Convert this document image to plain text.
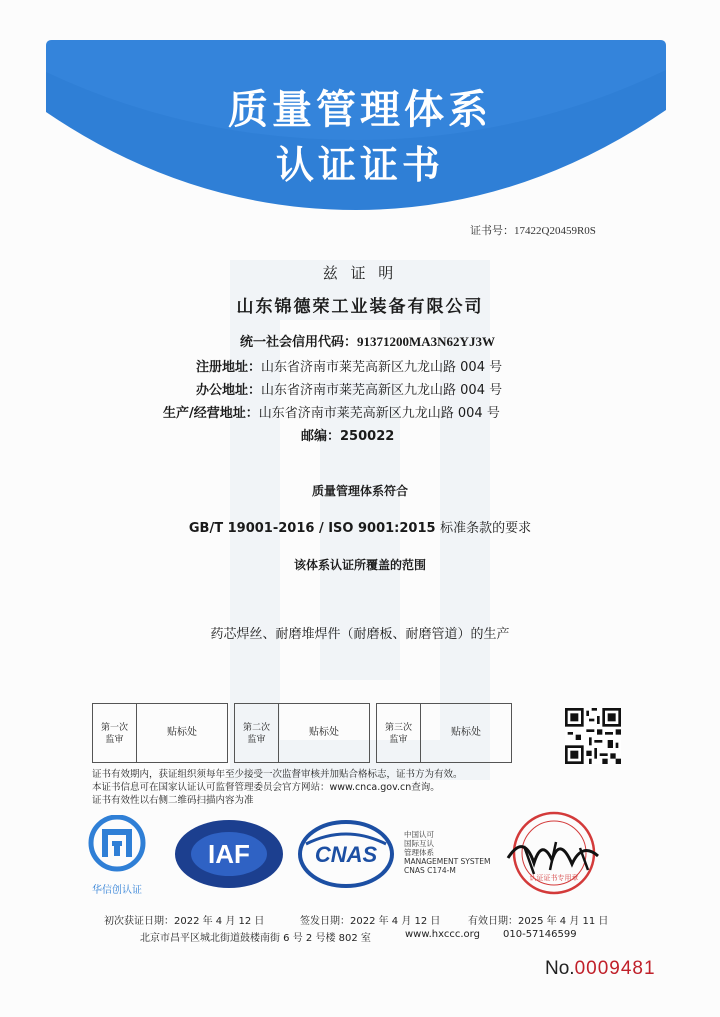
质量管理体系
认证证书
证书号：17422Q20459R0S
兹 证 明
山东锦德荣工业装备有限公司
统一社会信用代码：91371200MA3N62YJ3W
注册地址：山东省济南市莱芜高新区九龙山路 004 号
办公地址：山东省济南市莱芜高新区九龙山路 004 号
生产/经营地址：山东省济南市莱芜高新区九龙山路 004 号
邮编：250022
质量管理体系符合
GB/T 19001-2016 / ISO 9001:2015 标准条款的要求
该体系认证所覆盖的范围
药芯焊丝、耐磨堆焊件（耐磨板、耐磨管道）的生产
第一次
监审
贴标处	第二次
监审
贴标处	第三次
监审
贴标处
证书有效期内，获证组织须每年至少接受一次监督审核并加贴合格标志，证书方为有效。
本证书信息可在国家认证认可监督管理委员会官方网站：www.cnca.gov.cn查询。
证书有效性以右侧二维码扫描内容为准
华信创认证
IAF	CNAS
中国认可
国际互认
管理体系
MANAGEMENT SYSTEM
CNAS C174-M
认证证书专用章
初次获证日期：2022 年 4 月 12 日	签发日期：2022 年 4 月 12 日	有效日期：2025 年 4 月 11 日
北京市昌平区城北街道鼓楼南街 6 号 2 号楼 802 室	www.hxccc.org 010-57146599
No.0009481
